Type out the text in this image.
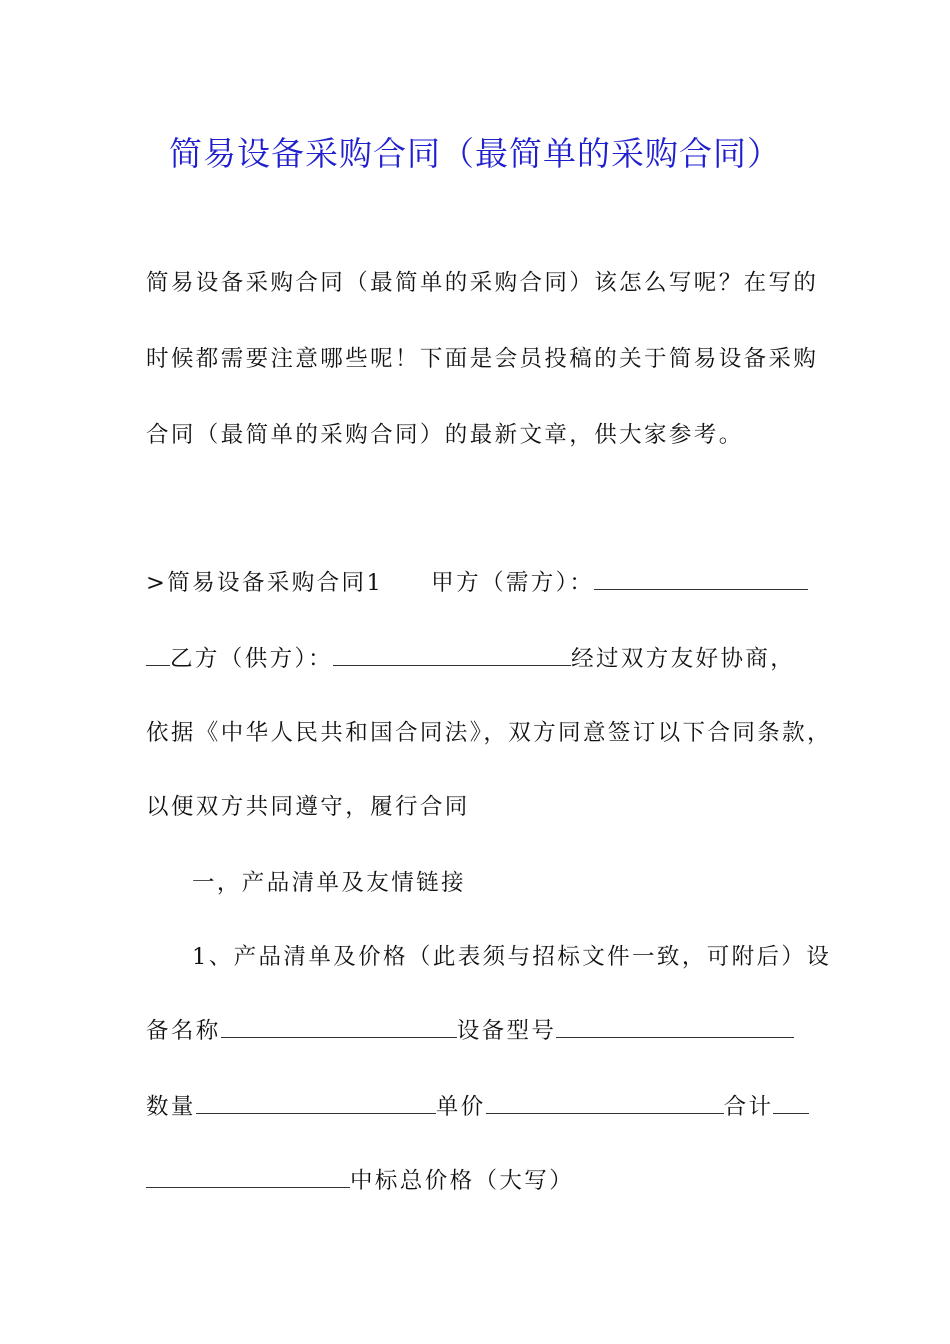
简易设备采购合同（最简单的采购合同）
简易设备采购合同（最简单的采购合同）该怎么写呢？在写的
时候都需要注意哪些呢！下面是会员投稿的关于简易设备采购
合同（最简单的采购合同）的最新文章，供大家参考。
>简易设备采购合同1 甲方（需方）：
乙方（供方）：	经过双方友好协商，
依据《中华人民共和国合同法》，双方同意签订以下合同条款，
以便双方共同遵守，履行合同
一，产品清单及友情链接
1、产品清单及价格（此表须与招标文件一致，可附后）设
备名称	设备型号
数量	单价	合计
中标总价格（大写）
